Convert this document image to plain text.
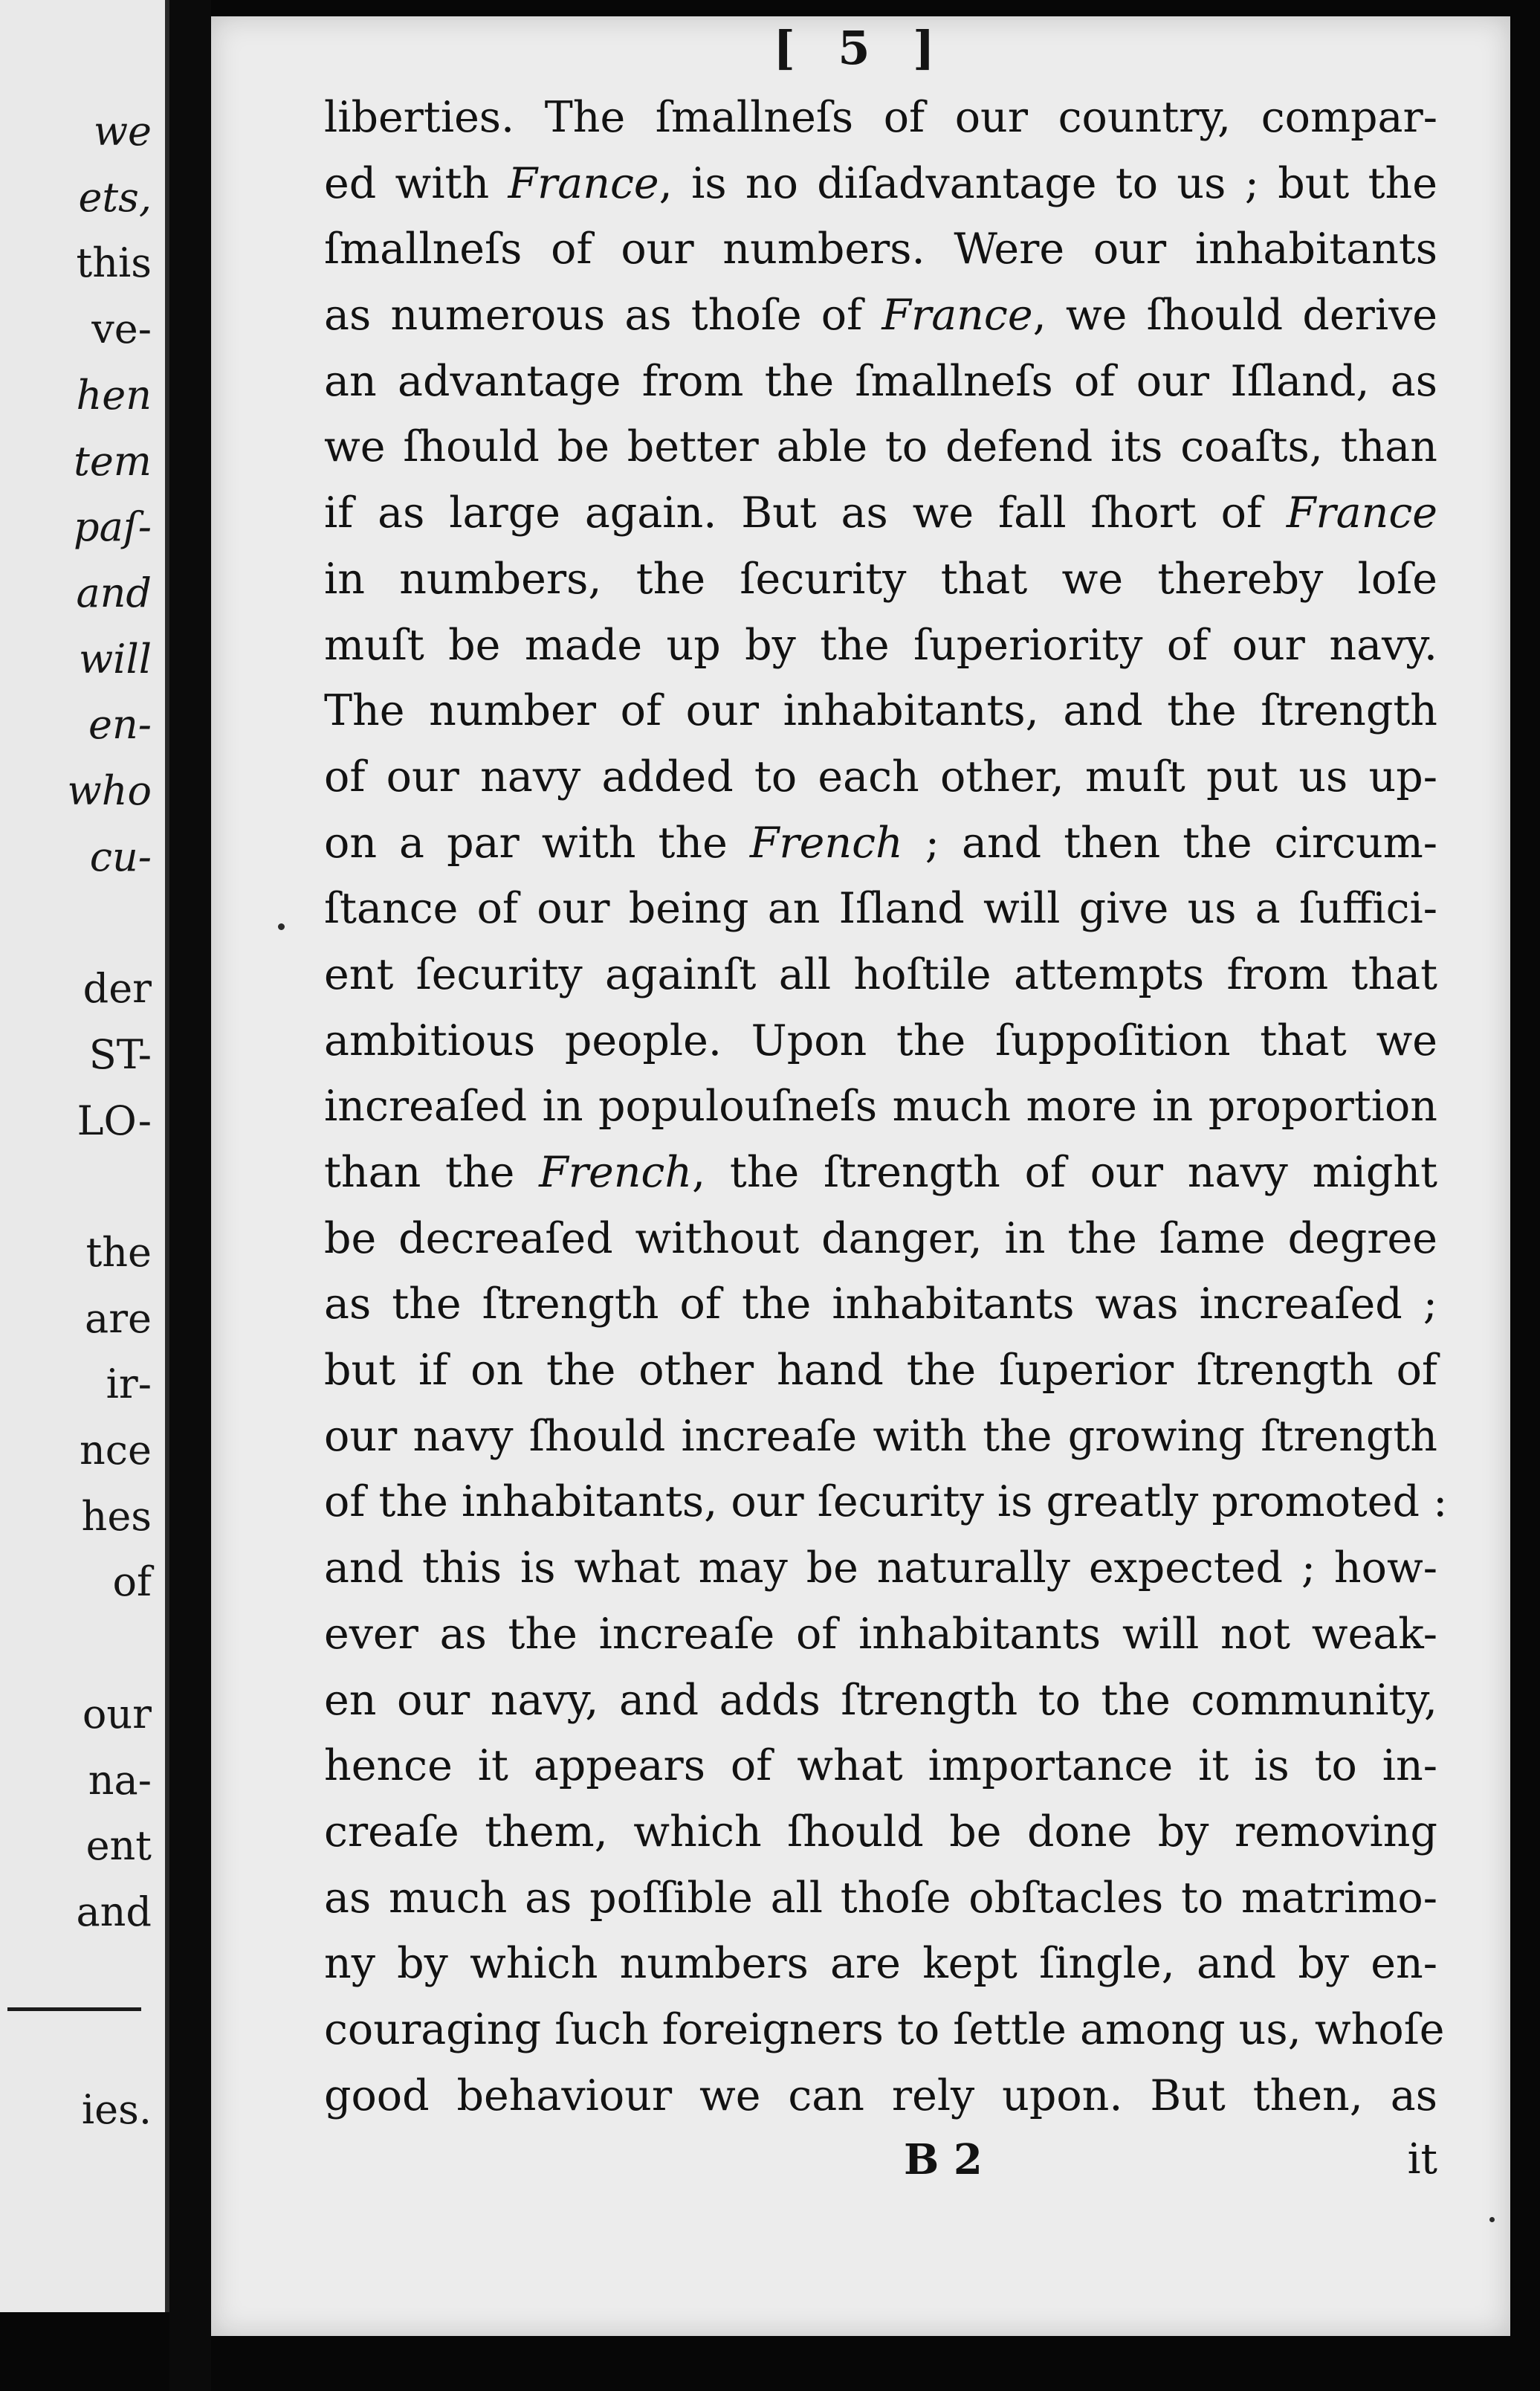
we
ets,
this
ve-
hen
tem
paſ-
and
will
en-
who
cu-
der
ST-
LO-
the
are
ir-
nce
hes
of
our
na-
ent
and
ies.
[ 5 ]
liberties. The ſmallneſs of our country, compar-
ed with France, is no diſadvantage to us ; but the
ſmallneſs of our numbers. Were our inhabitants
as numerous as thoſe of France, we ſhould derive
an advantage from the ſmallneſs of our Iſland, as
we ſhould be better able to defend its coaſts, than
if as large again. But as we fall ſhort of France
in numbers, the ſecurity that we thereby loſe
muſt be made up by the ſuperiority of our navy.
The number of our inhabitants, and the ſtrength
of our navy added to each other, muſt put us up-
on a par with the French ; and then the circum-
ſtance of our being an Iſland will give us a ſuffici-
ent ſecurity againſt all hoſtile attempts from that
ambitious people. Upon the ſuppoſition that we
increaſed in populouſneſs much more in proportion
than the French, the ſtrength of our navy might
be decreaſed without danger, in the ſame degree
as the ſtrength of the inhabitants was increaſed ;
but if on the other hand the ſuperior ſtrength of
our navy ſhould increaſe with the growing ſtrength
of the inhabitants, our ſecurity is greatly promoted :
and this is what may be naturally expected ; how-
ever as the increaſe of inhabitants will not weak-
en our navy, and adds ſtrength to the community,
hence it appears of what importance it is to in-
creaſe them, which ſhould be done by removing
as much as poſſible all thoſe obſtacles to matrimo-
ny by which numbers are kept ſingle, and by en-
couraging ſuch foreigners to ſettle among us, whoſe
good behaviour we can rely upon. But then, as
B 2	it
